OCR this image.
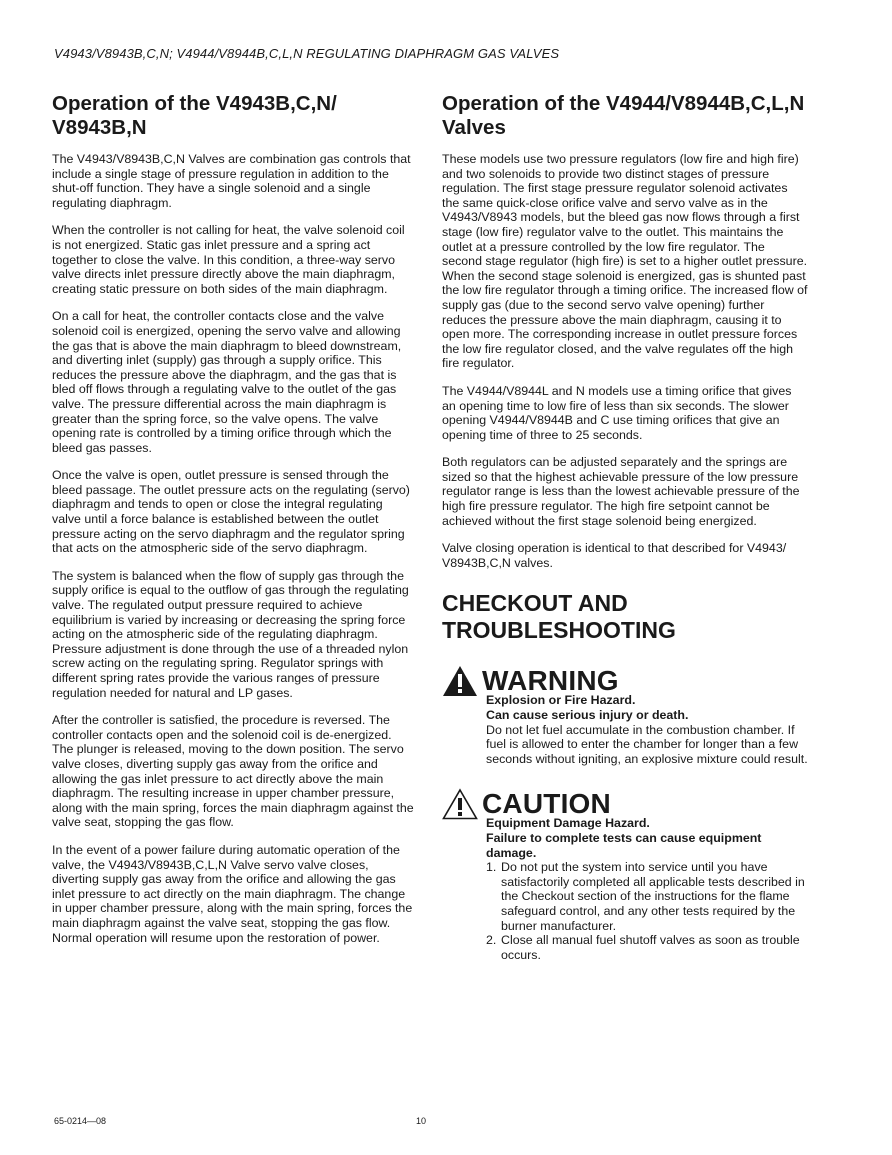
V4943/V8943B,C,N; V4944/V8944B,C,L,N REGULATING DIAPHRAGM GAS VALVES
Operation of the V4943B,C,N/ V8943B,N

The V4943/V8943B,C,N Valves are combination gas controls that include a single stage of pressure regulation in addition to the shut-off function. They have a single solenoid and a single regulating diaphragm.

When the controller is not calling for heat, the valve solenoid coil is not energized. Static gas inlet pressure and a spring act together to close the valve. In this condition, a three-way servo valve directs inlet pressure directly above the main diaphragm, creating static pressure on both sides of the main diaphragm.

On a call for heat, the controller contacts close and the valve solenoid coil is energized, opening the servo valve and allowing the gas that is above the main diaphragm to bleed downstream, and diverting inlet (supply) gas through a supply orifice. This reduces the pressure above the diaphragm, and the gas that is bled off flows through a regulating valve to the outlet of the gas valve. The pressure differential across the main diaphragm is greater than the spring force, so the valve opens. The valve opening rate is controlled by a timing orifice through which the bleed gas passes.

Once the valve is open, outlet pressure is sensed through the bleed passage. The outlet pressure acts on the regulating (servo) diaphragm and tends to open or close the integral regulating valve until a force balance is established between the outlet pressure acting on the servo diaphragm and the regulator spring that acts on the atmospheric side of the servo diaphragm.

The system is balanced when the flow of supply gas through the supply orifice is equal to the outflow of gas through the regulating valve. The regulated output pressure required to achieve equilibrium is varied by increasing or decreasing the spring force acting on the atmospheric side of the regulating diaphragm. Pressure adjustment is done through the use of a threaded nylon screw acting on the regulating spring. Regulator springs with different spring rates provide the various ranges of pressure regulation needed for natural and LP gases.

After the controller is satisfied, the procedure is reversed. The controller contacts open and the solenoid coil is de-energized. The plunger is released, moving to the down position. The servo valve closes, diverting supply gas away from the orifice and allowing the gas inlet pressure to act directly above the main diaphragm. The resulting increase in upper chamber pressure, along with the main spring, forces the main diaphragm against the valve seat, stopping the gas flow.

In the event of a power failure during automatic operation of the valve, the V4943/V8943B,C,L,N Valve servo valve closes, diverting supply gas away from the orifice and allowing the gas inlet pressure to act directly on the main diaphragm. The change in upper chamber pressure, along with the main spring, forces the main diaphragm against the valve seat, stopping the gas flow. Normal operation will resume upon the restoration of power.

Operation of the V4944/V8944B,C,L,N Valves

These models use two pressure regulators (low fire and high fire) and two solenoids to provide two distinct stages of pressure regulation. The first stage pressure regulator solenoid activates the same quick-close orifice valve and servo valve as in the V4943/V8943 models, but the bleed gas now flows through a first stage (low fire) regulator valve to the outlet. This maintains the outlet at a pressure controlled by the low fire regulator. The second stage regulator (high fire) is set to a higher outlet pressure. When the second stage solenoid is energized, gas is shunted past the low fire regulator through a timing orifice. The increased flow of supply gas (due to the second servo valve opening) further reduces the pressure above the main diaphragm, causing it to open more. The corresponding increase in outlet pressure forces the low fire regulator closed, and the valve regulates off the high fire regulator.

The V4944/V8944L and N models use a timing orifice that gives an opening time to low fire of less than six seconds. The slower opening V4944/V8944B and C use timing orifices that give an opening time of three to 25 seconds.

Both regulators can be adjusted separately and the springs are sized so that the highest achievable pressure of the low pressure regulator range is less than the lowest achievable pressure of the high fire pressure regulator. The high fire setpoint cannot be achieved without the first stage solenoid being energized.

Valve closing operation is identical to that described for V4943/ V8943B,C,N valves.

CHECKOUT AND TROUBLESHOOTING
WARNING

Explosion or Fire Hazard.

Can cause serious injury or death.

Do not let fuel accumulate in the combustion chamber. If fuel is allowed to enter the chamber for longer than a few seconds without igniting, an explosive mixture could result.

CAUTION

Equipment Damage Hazard.

Failure to complete tests can cause equipment damage.

1. Do not put the system into service until you have satisfactorily completed all applicable tests described in the Checkout section of the instructions for the flame safeguard control, and any other tests required by the burner manufacturer.
2. Close all manual fuel shutoff valves as soon as trouble occurs.
65-0214—08	10
